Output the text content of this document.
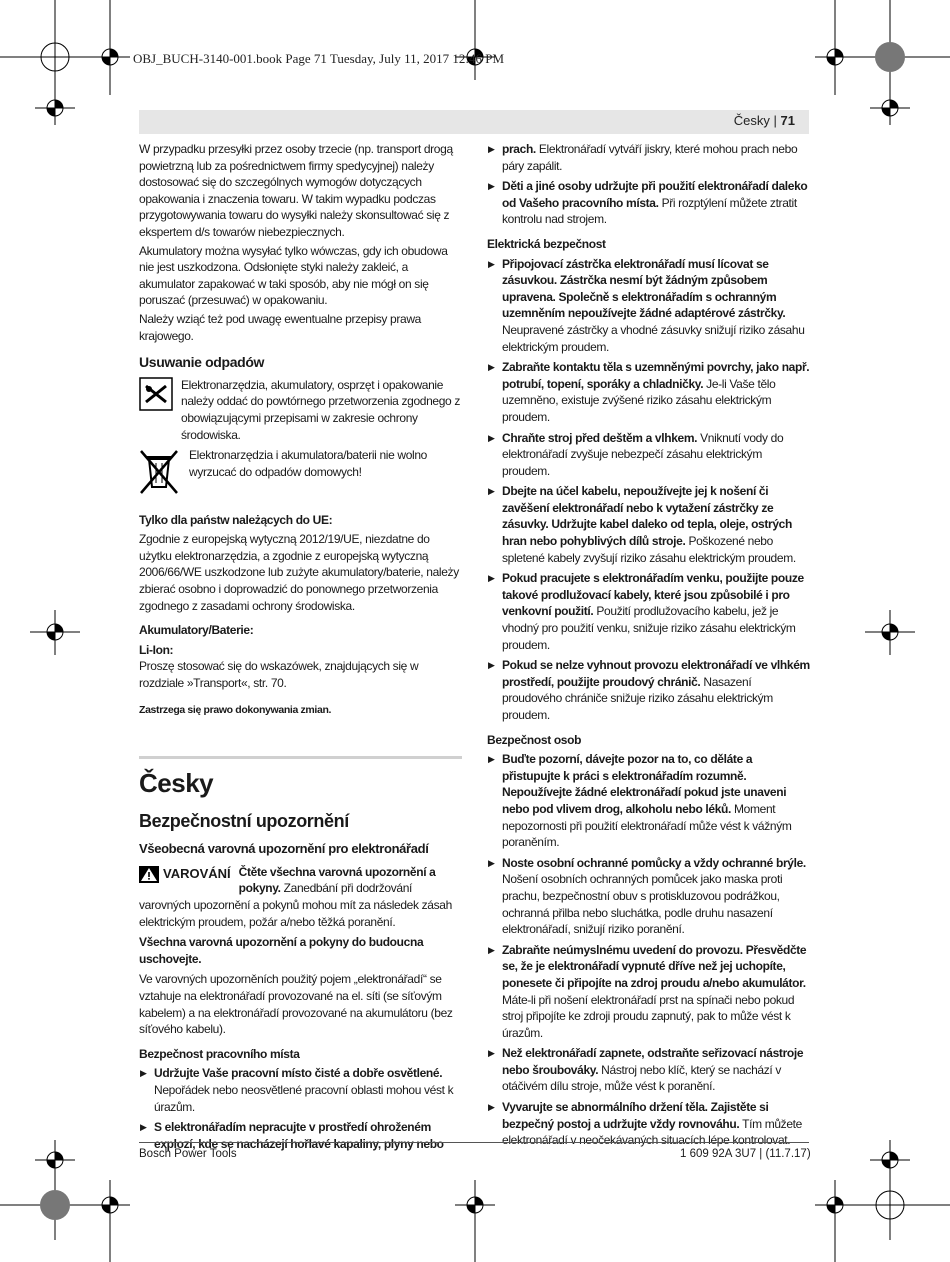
OBJ_BUCH-3140-001.book Page 71 Tuesday, July 11, 2017 12:46 PM
Česky | 71

W przypadku przesyłki przez osoby trzecie (np. transport drogą powietrzną lub za pośrednictwem firmy spedycyjnej) należy dostosować się do szczególnych wymogów dotyczących opakowania i znaczenia towaru. W takim wypadku podczas przygotowywania towaru do wysyłki należy skonsultować się z ekspertem d/s towarów niebezpiecznych.

Akumulatory można wysyłać tylko wówczas, gdy ich obudowa nie jest uszkodzona. Odsłonięte styki należy zakleić, a akumulator zapakować w taki sposób, aby nie mógł on się poruszać (przesuwać) w opakowaniu.

Należy wziąć też pod uwagę ewentualne przepisy prawa krajowego.

Usuwanie odpadów
Elektronarzędzia, akumulatory, osprzęt i opakowanie należy oddać do powtórnego przetworzenia zgodnego z obowiązującymi przepisami w zakresie ochrony środowiska.
Elektronarzędzia i akumulatora/baterii nie wolno wyrzucać do odpadów domowych!
Tylko dla państw należących do UE:

Zgodnie z europejską wytyczną 2012/19/UE, niezdatne do użytku elektronarzędzia, a zgodnie z europejską wytyczną 2006/66/WE uszkodzone lub zużyte akumulatory/baterie, należy zbierać osobno i doprowadzić do ponownego przetworzenia zgodnego z zasadami ochrony środowiska.

Akumulatory/Baterie:
Li-Ion:

Proszę stosować się do wskazówek, znajdujących się w rozdziale »Transport«, str. 70.

Zastrzega się prawo dokonywania zmian.
Česky
Bezpečnostní upozornění
Všeobecná varovná upozornění pro elektronářadí

VAROVÁNÍ Čtěte všechna varovná upozornění a pokyny. Zanedbání při dodržování varovných upozornění a pokynů mohou mít za následek zásah elektrickým proudem, požár a/nebo těžká poranění.

Všechna varovná upozornění a pokyny do budoucna uschovejte.

Ve varovných upozorněních použitý pojem „elektronářadí“ se vztahuje na elektronářadí provozované na el. síti (se síťovým kabelem) a na elektronářadí provozované na akumulátoru (bez síťového kabelu).

Bezpečnost pracovního místa
▶ Udržujte Vaše pracovní místo čisté a dobře osvětlené. Nepořádek nebo neosvětlené pracovní oblasti mohou vést k úrazům.
▶ S elektronářadím nepracujte v prostředí ohroženém explozí, kde se nacházejí hořlavé kapaliny, plyny nebo
▶ prach. Elektronářadí vytváří jiskry, které mohou prach nebo páry zapálit.
▶ Děti a jiné osoby udržujte při použití elektronářadí daleko od Vašeho pracovního místa. Při rozptýlení můžete ztratit kontrolu nad strojem.
Elektrická bezpečnost
▶ Připojovací zástrčka elektronářadí musí lícovat se zásuvkou. Zástrčka nesmí být žádným způsobem upravena. Společně s elektronářadím s ochranným uzemněním nepoužívejte žádné adaptérové zástrčky. Neupravené zástrčky a vhodné zásuvky snižují riziko zásahu elektrickým proudem.
▶ Zabraňte kontaktu těla s uzemněnými povrchy, jako např. potrubí, topení, sporáky a chladničky. Je-li Vaše tělo uzemněno, existuje zvýšené riziko zásahu elektrickým proudem.
▶ Chraňte stroj před deštěm a vlhkem. Vniknutí vody do elektronářadí zvyšuje nebezpečí zásahu elektrickým proudem.
▶ Dbejte na účel kabelu, nepoužívejte jej k nošení či zavěšení elektronářadí nebo k vytažení zástrčky ze zásuvky. Udržujte kabel daleko od tepla, oleje, ostrých hran nebo pohyblivých dílů stroje. Poškozené nebo spletené kabely zvyšují riziko zásahu elektrickým proudem.
▶ Pokud pracujete s elektronářadím venku, použijte pouze takové prodlužovací kabely, které jsou způsobilé i pro venkovní použití. Použití prodlužovacího kabelu, jež je vhodný pro použití venku, snižuje riziko zásahu elektrickým proudem.
▶ Pokud se nelze vyhnout provozu elektronářadí ve vlhkém prostředí, použijte proudový chránič. Nasazení proudového chrániče snižuje riziko zásahu elektrickým proudem.
Bezpečnost osob
▶ Buďte pozorní, dávejte pozor na to, co děláte a přistupujte k práci s elektronářadím rozumně. Nepoužívejte žádné elektronářadí pokud jste unaveni nebo pod vlivem drog, alkoholu nebo léků. Moment nepozornosti při použití elektronářadí může vést k vážným poraněním.
▶ Noste osobní ochranné pomůcky a vždy ochranné brýle. Nošení osobních ochranných pomůcek jako maska proti prachu, bezpečnostní obuv s protiskluzovou podrážkou, ochranná přilba nebo sluchátka, podle druhu nasazení elektronářadí, snižují riziko poranění.
▶ Zabraňte neúmyslnému uvedení do provozu. Přesvědčte se, že je elektronářadí vypnuté dříve než jej uchopíte, ponesete či připojíte na zdroj proudu a/nebo akumulátor. Máte-li při nošení elektronářadí prst na spínači nebo pokud stroj připojíte ke zdroji proudu zapnutý, pak to může vést k úrazům.
▶ Než elektronářadí zapnete, odstraňte seřizovací nástroje nebo šroubováky. Nástroj nebo klíč, který se nachází v otáčivém dílu stroje, může vést k poranění.
▶ Vyvarujte se abnormálního držení těla. Zajistěte si bezpečný postoj a udržujte vždy rovnováhu. Tím můžete elektronářadí v neočekávaných situacích lépe kontrolovat.
Bosch Power Tools	1 609 92A 3U7 | (11.7.17)
